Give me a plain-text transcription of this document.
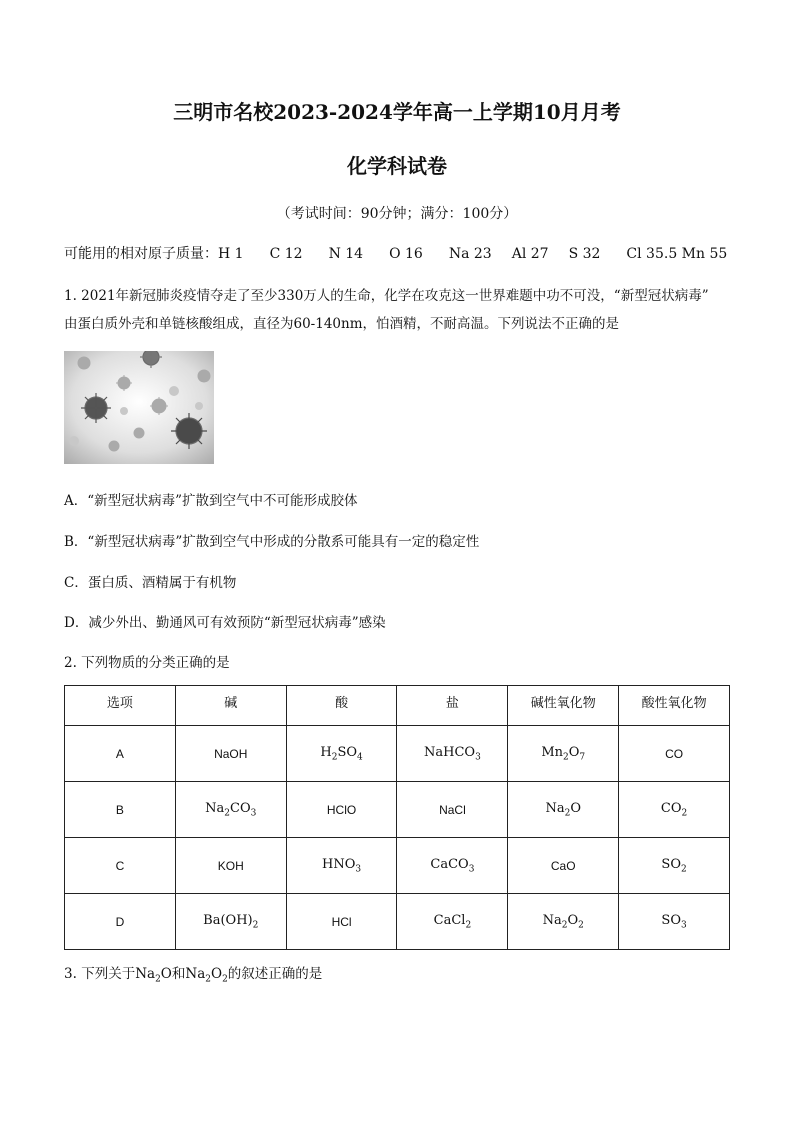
三明市名校2023-2024学年高一上学期10月月考
化学科试卷
（考试时间：90分钟；满分：100分）
可能用的相对原子质量：H 1 C 12 N 14 O 16 Na 23 Al 27 S 32 Cl 35.5 Mn 55
1. 2021年新冠肺炎疫情夺走了至少330万人的生命，化学在攻克这一世界难题中功不可没，“新型冠状病毒”
由蛋白质外壳和单链核酸组成，直径为60-140nm，怕酒精，不耐高温。下列说法不正确的是
A．“新型冠状病毒”扩散到空气中不可能形成胶体
B．“新型冠状病毒”扩散到空气中形成的分散系可能具有一定的稳定性
C．蛋白质、酒精属于有机物
D．减少外出、勤通风可有效预防“新型冠状病毒”感染
2. 下列物质的分类正确的是
选项	碱	酸	盐	碱性氧化物	酸性氧化物
A	NaOH	$H_2SO_4$	NaHCO$_3$	$Mn_2O_7$	CO
B	$Na_2CO_3$	HClO	NaCl	$Na_2O$	$CO_2$
C	KOH	$HNO_3$	CaCO$_3$	CaO	$SO_2$
D	$Ba(OH)_2$	HCl	CaCl$_2$	$Na_2O_2$	$SO_3$
3. 下列关于$Na_2O$和$Na_2O_2$的叙述正确的是
